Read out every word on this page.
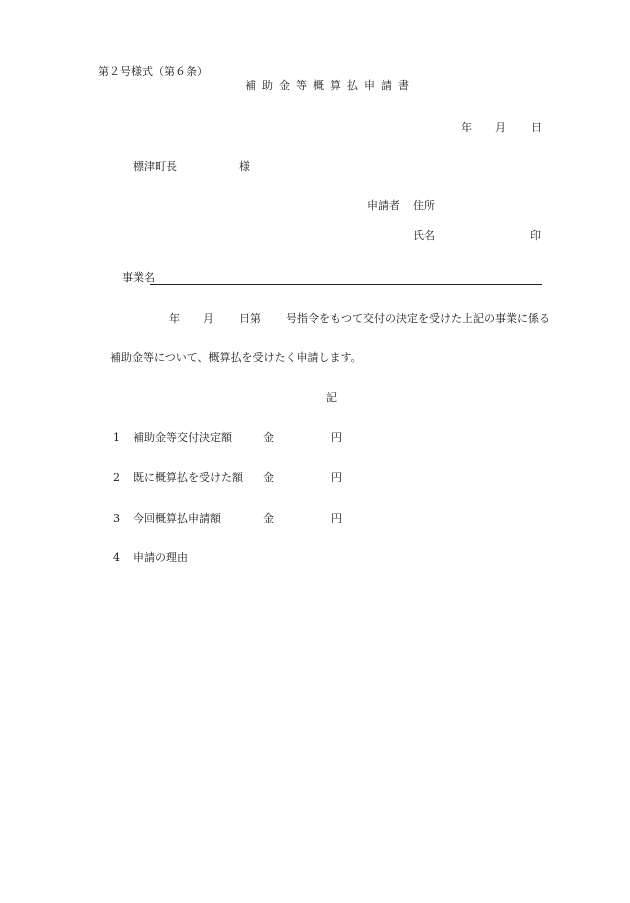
第２号様式（第６条）
補助金等概算払申請書
年 月 日
標津町長	様
申請者 住所
氏名	印
事業名
年 月 日第 号指令をもつて交付の決定を受けた上記の事業に係る
補助金等について、概算払を受けたく申請します。
記
1 補助金等交付決定額	金	円
2 既に概算払を受けた額 金	円
3 今回概算払申請額	金	円
4 申請の理由
